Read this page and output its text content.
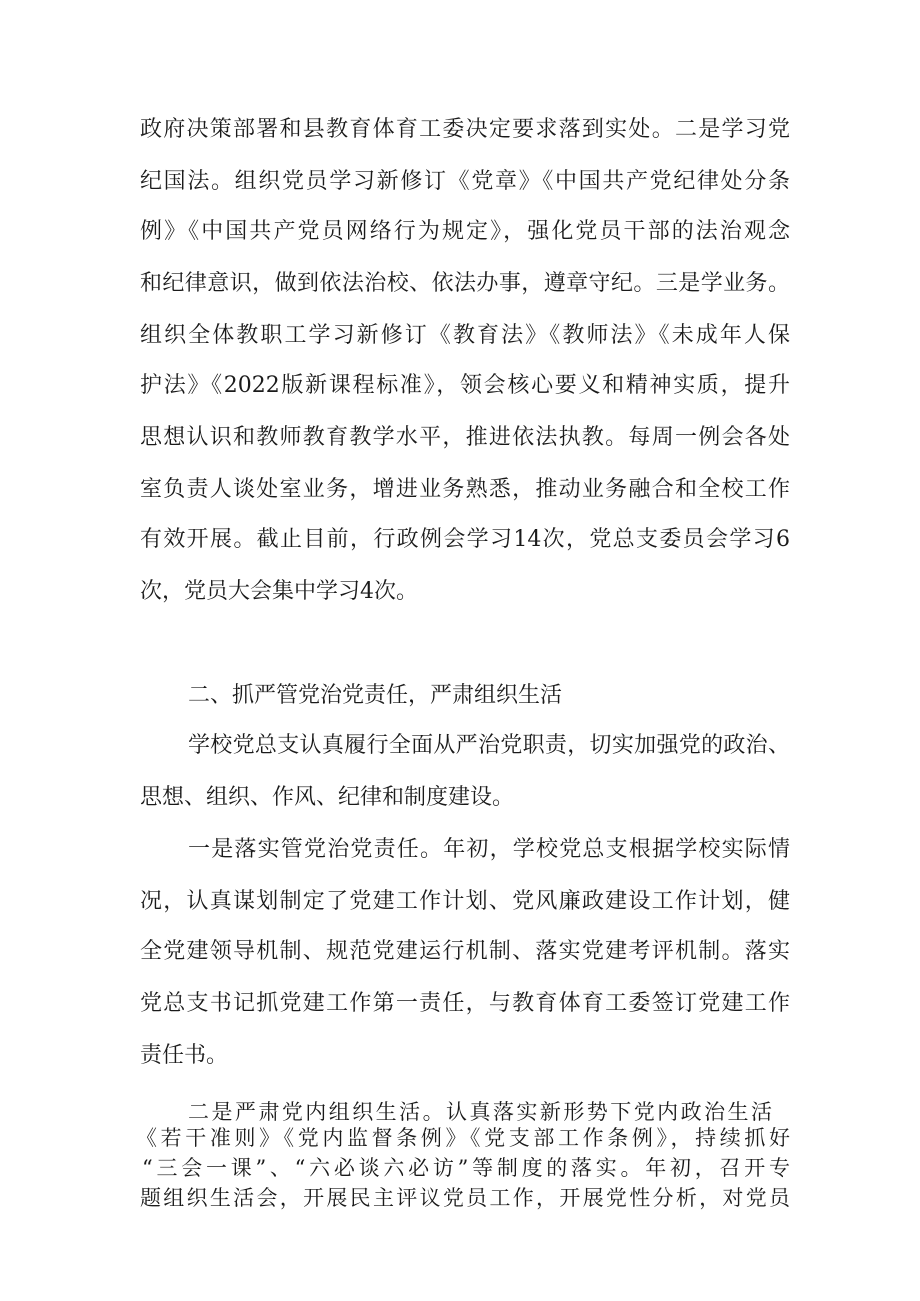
政府决策部署和县教育体育工委决定要求落到实处。二是学习党
纪国法。组织党员学习新修订《党章》《中国共产党纪律处分条
例》《中国共产党员网络行为规定》，强化党员干部的法治观念
和纪律意识，做到依法治校、依法办事，遵章守纪。三是学业务。
组织全体教职工学习新修订《教育法》《教师法》《未成年人保
护法》《2022版新课程标准》，领会核心要义和精神实质，提升
思想认识和教师教育教学水平，推进依法执教。每周一例会各处
室负责人谈处室业务，增进业务熟悉，推动业务融合和全校工作
有效开展。截止目前，行政例会学习14次，党总支委员会学习6
次，党员大会集中学习4次。
二、抓严管党治党责任，严肃组织生活
学校党总支认真履行全面从严治党职责，切实加强党的政治、
思想、组织、作风、纪律和制度建设。
一是落实管党治党责任。年初，学校党总支根据学校实际情
况，认真谋划制定了党建工作计划、党风廉政建设工作计划，健
全党建领导机制、规范党建运行机制、落实党建考评机制。落实
党总支书记抓党建工作第一责任，与教育体育工委签订党建工作
责任书。
二是严肃党内组织生活。认真落实新形势下党内政治生活
《若干准则》《党内监督条例》《党支部工作条例》，持续抓好
“三会一课”、“六必谈六必访”等制度的落实。年初，召开专
题组织生活会，开展民主评议党员工作，开展党性分析，对党员
